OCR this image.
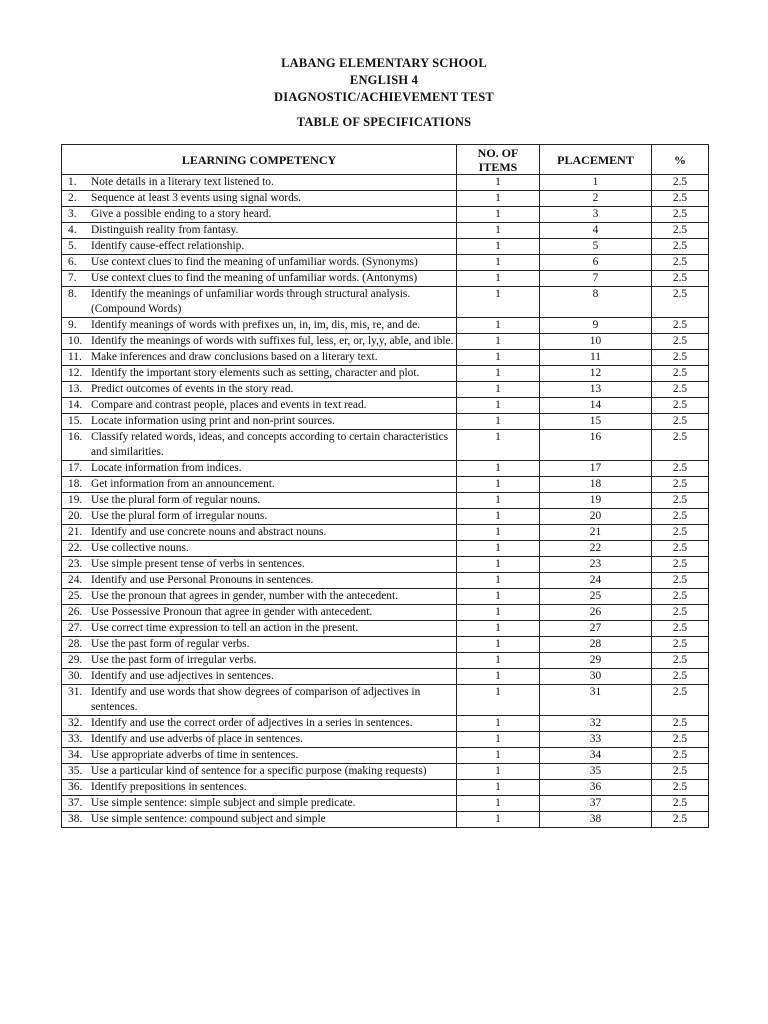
LABANG ELEMENTARY SCHOOL
ENGLISH 4
DIAGNOSTIC/ACHIEVEMENT TEST
TABLE OF SPECIFICATIONS
LEARNING COMPETENCY	NO. OF ITEMS	PLACEMENT	%

1. Note details in a literary text listened to.	1	1	2.5

2. Sequence at least 3 events using signal words.	1	2	2.5

3. Give a possible ending to a story heard.	1	3	2.5

4. Distinguish reality from fantasy.	1	4	2.5

5. Identify cause-effect relationship.	1	5	2.5

6. Use context clues to find the meaning of unfamiliar words. (Synonyms)	1	6	2.5

7. Use context clues to find the meaning of unfamiliar words. (Antonyms)	1	7	2.5

8. Identify the meanings of unfamiliar words through structural analysis. (Compound Words)	1	8	2.5

9. Identify meanings of words with prefixes un, in, im, dis, mis, re, and de.	1	9	2.5

10. Identify the meanings of words with suffixes ful, less, er, or, ly,y, able, and ible.	1	10	2.5

11. Make inferences and draw conclusions based on a literary text.	1	11	2.5

12. Identify the important story elements such as setting, character and plot.	1	12	2.5

13. Predict outcomes of events in the story read.	1	13	2.5

14. Compare and contrast people, places and events in text read.	1	14	2.5

15. Locate information using print and non-print sources.	1	15	2.5

16. Classify related words, ideas, and concepts according to certain characteristics and similarities.	1	16	2.5

17. Locate information from indices.	1	17	2.5

18. Get information from an announcement.	1	18	2.5

19. Use the plural form of regular nouns.	1	19	2.5

20. Use the plural form of irregular nouns.	1	20	2.5

21. Identify and use concrete nouns and abstract nouns.	1	21	2.5

22. Use collective nouns.	1	22	2.5

23. Use simple present tense of verbs in sentences.	1	23	2.5

24. Identify and use Personal Pronouns in sentences.	1	24	2.5

25. Use the pronoun that agrees in gender, number with the antecedent.	1	25	2.5

26. Use Possessive Pronoun that agree in gender with antecedent.	1	26	2.5

27. Use correct time expression to tell an action in the present.	1	27	2.5

28. Use the past form of regular verbs.	1	28	2.5

29. Use the past form of irregular verbs.	1	29	2.5

30. Identify and use adjectives in sentences.	1	30	2.5

31. Identify and use words that show degrees of comparison of adjectives in sentences.	1	31	2.5

32. Identify and use the correct order of adjectives in a series in sentences.	1	32	2.5

33. Identify and use adverbs of place in sentences.	1	33	2.5

34. Use appropriate adverbs of time in sentences.	1	34	2.5

35. Use a particular kind of sentence for a specific purpose (making requests)	1	35	2.5

36. Identify prepositions in sentences.	1	36	2.5

37. Use simple sentence: simple subject and simple predicate.	1	37	2.5

38. Use simple sentence: compound subject and simple	1	38	2.5
